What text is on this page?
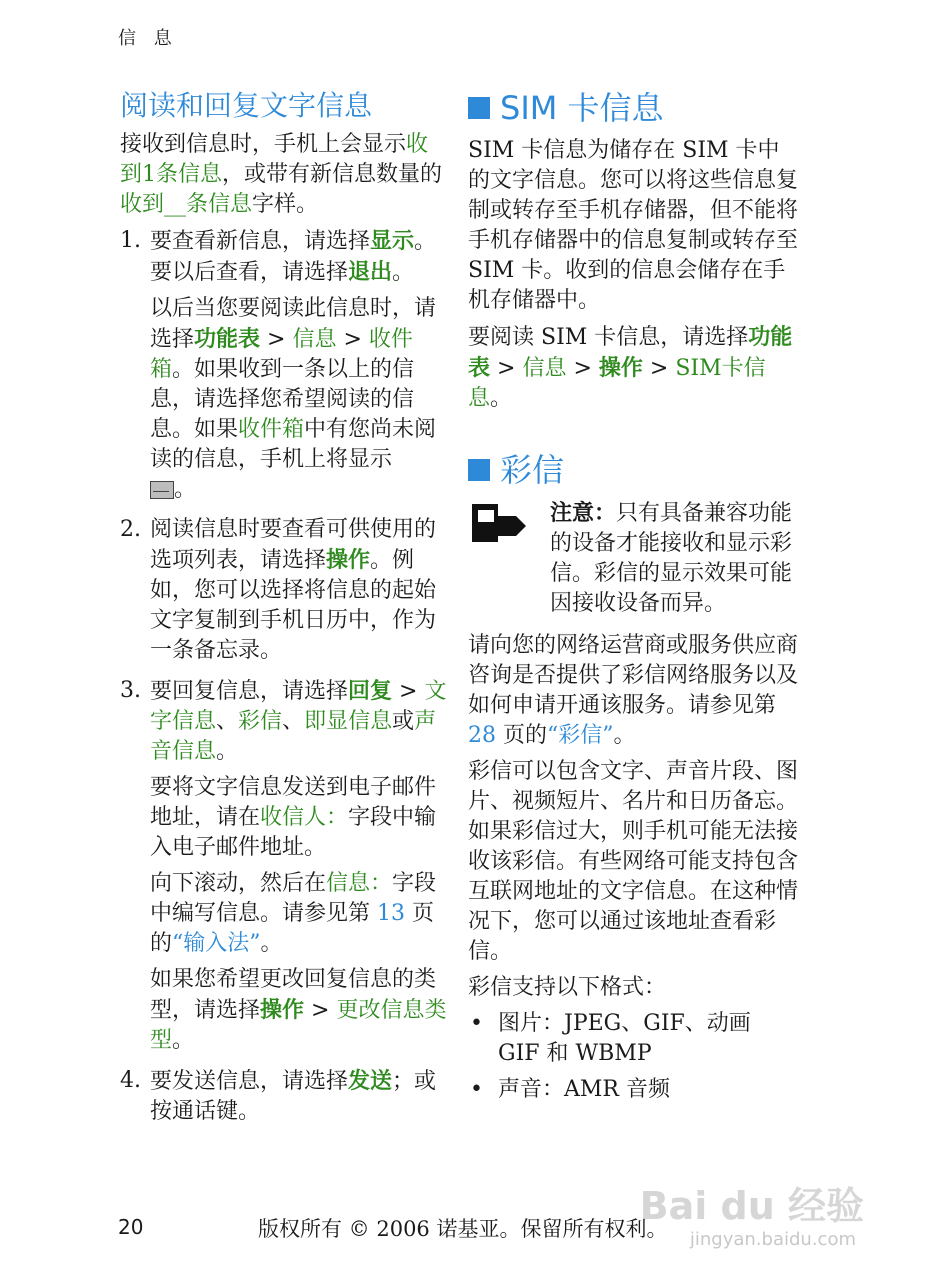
信 息
阅读和回复文字信息

接收到信息时，手机上会显示收到1条信息，或带有新信息数量的收到__条信息字样。

1. 要查看新信息，请选择显示。要以后查看，请选择退出。

以后当您要阅读此信息时，请选择功能表 > 信息 > 收件箱。如果收到一条以上的信息，请选择您希望阅读的信息。如果收件箱中有您尚未阅读的信息，手机上将显示
。

2. 阅读信息时要查看可供使用的选项列表，请选择操作。例如，您可以选择将信息的起始文字复制到手机日历中，作为一条备忘录。

3. 要回复信息，请选择回复 > 文字信息、彩信、即显信息或声音信息。

要将文字信息发送到电子邮件地址，请在收信人：字段中输入电子邮件地址。

向下滚动，然后在信息：字段中编写信息。请参见第 13 页的“输入法”。

如果您希望更改回复信息的类型，请选择操作 > 更改信息类型。

4. 要发送信息，请选择发送；或按通话键。

SIM 卡信息

SIM 卡信息为储存在 SIM 卡中的文字信息。您可以将这些信息复制或转存至手机存储器，但不能将手机存储器中的信息复制或转存至 SIM 卡。收到的信息会储存在手机存储器中。

要阅读 SIM 卡信息，请选择功能表 > 信息 > 操作 > SIM卡信息。

彩信

注意：只有具备兼容功能的设备才能接收和显示彩信。彩信的显示效果可能因接收设备而异。

请向您的网络运营商或服务供应商咨询是否提供了彩信网络服务以及如何申请开通该服务。请参见第 28 页的“彩信”。

彩信可以包含文字、声音片段、图片、视频短片、名片和日历备忘。如果彩信过大，则手机可能无法接收该彩信。有些网络可能支持包含互联网地址的文字信息。在这种情况下，您可以通过该地址查看彩信。

彩信支持以下格式：

• 图片：JPEG、GIF、动画 GIF 和 WBMP
• 声音：AMR 音频
20	版权所有 © 2006 诺基亚。保留所有权利。
Bai du 经验
jingyan.baidu.com
